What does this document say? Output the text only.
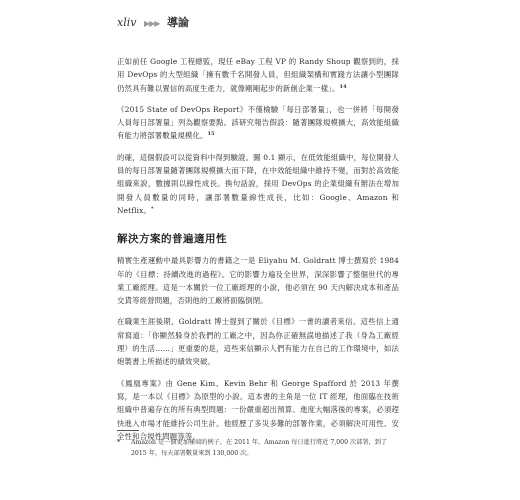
xliv ▶▶▶ 導論

正如前任 Google 工程總監，現任 eBay 工程 VP 的 Randy Shoup 觀察到的，採用 DevOps 的大型組織「擁有數千名開發人員，但組織架構和實踐方法讓小型團隊仍然具有難以置信的高度生產力，就像剛剛起步的新創企業一樣」。$^{14}$

《2015 State of DevOps Report》不僅檢驗「每日部署量」，也一併將「每開發人員每日部署量」列為觀察要點。該研究報告假設：隨著團隊規模擴大，高效能組織有能力將部署數量規模化。$^{15}$

的確，這個假設可以從資料中得到驗證。圖 0.1 顯示，在低效能組織中，每位開發人員的每日部署量隨著團隊規模擴大而下降，在中效能組織中維持不變，而對於高效能組織來說，數據則以線性成長。換句話說，採用 DevOps 的企業組織有辦法在增加開發人員數量的同時，讓部署數量線性成長，比如：Google、Amazon 和 Netflix。*

解決方案的普遍適用性

精實生產運動中最具影響力的書籍之一是 Eliyahu M. Goldratt 博士撰寫於 1984 年的《目標：持續改進的過程》。它的影響力遍及全世界，深深影響了整個世代的專業工廠經理。這是一本關於一位工廠經理的小說，他必須在 90 天內解決成本和產品交貨等經營問題，否則他的工廠將面臨倒閉。

在職業生涯後期，Goldratt 博士提到了關於《目標》一書的讀者來信。這些信上通常寫道：「你顯然躲身於我們的工廠之中，因為你正確無誤地描述了我（身為工廠經理）的生活……」更重要的是，這些來信顯示人們有能力在自己的工作環境中，如法炮製書上所描述的績效突破。

《鳳凰專案》由 Gene Kim、Kevin Behr 和 George Spafford 於 2013 年撰寫，是一本以《目標》為原型的小說。這本書的主角是一位 IT 經理，他面臨在技術組織中普遍存在的所有典型問題：一份嚴重超出預算、進度大幅落後的專案，必須趕快進入市場才能維持公司生計。他經歷了多災多難的部署作業，必須解決可用性、安全性和合規性問題等等。

* Amazon 是一個更加極端的例子，在 2011 年，Amazon 每日進行將近 7,000 次部署，到了
2015 年，每天部署數量來到 130,000 次。
